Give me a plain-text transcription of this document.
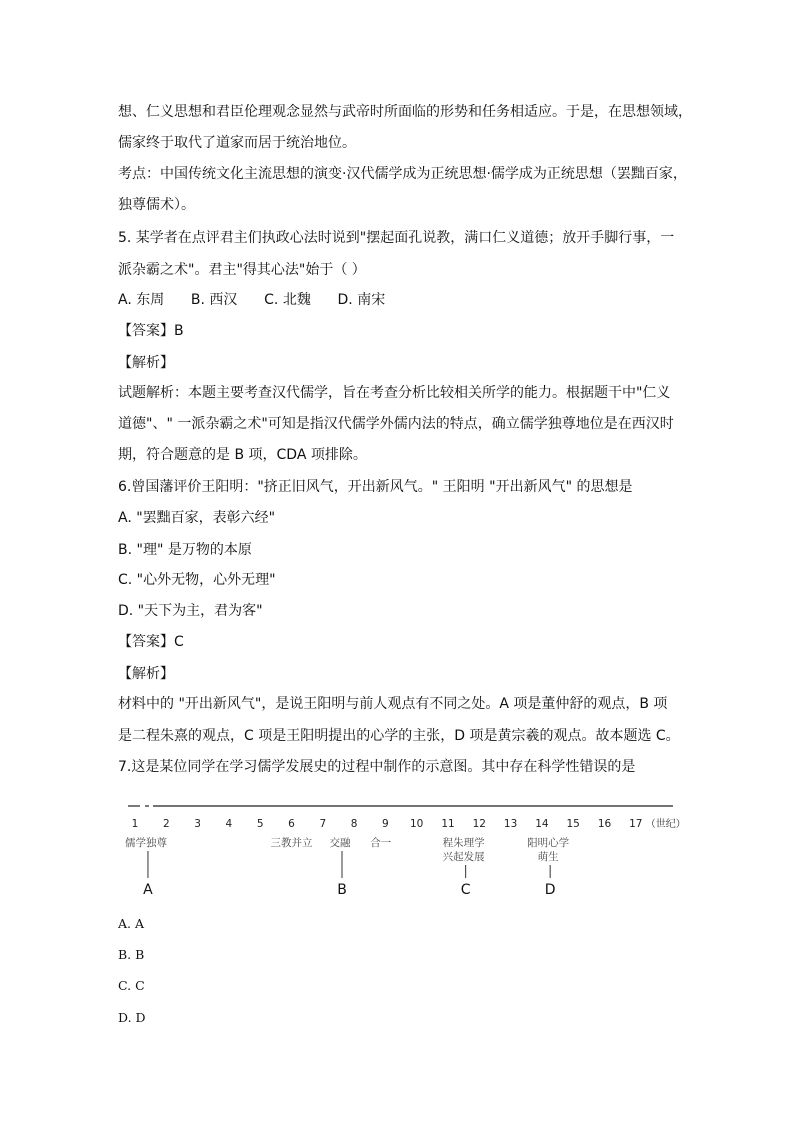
想、仁义思想和君臣伦理观念显然与武帝时所面临的形势和任务相适应。于是，在思想领域，
儒家终于取代了道家而居于统治地位。
考点：中国传统文化主流思想的演变·汉代儒学成为正统思想·儒学成为正统思想（罢黜百家，
独尊儒术）。
5. 某学者在点评君主们执政心法时说到"摆起面孔说教，满口仁义道德；放开手脚行事，一
派杂霸之术"。君主"得其心法"始于（ ）
A. 东周      B. 西汉      C. 北魏      D. 南宋
【答案】B
【解析】
试题解析：本题主要考查汉代儒学，旨在考查分析比较相关所学的能力。根据题干中"仁义
道德"、" 一派杂霸之术"可知是指汉代儒学外儒内法的特点，确立儒学独尊地位是在西汉时
期，符合题意的是 B 项，CDA 项排除。
6.曾国藩评价王阳明："挤正旧风气，开出新风气。" 王阳明 "开出新风气" 的思想是
A. "罢黜百家，表彰六经"
B. "理" 是万物的本原
C. "心外无物，心外无理"
D. "天下为主，君为客"
【答案】C
【解析】
材料中的 "开出新风气"，是说王阳明与前人观点有不同之处。A 项是董仲舒的观点，B 项
是二程朱熹的观点，C 项是王阳明提出的心学的主张，D 项是黄宗羲的观点。故本题选 C。
7.这是某位同学在学习儒学发展史的过程中制作的示意图。其中存在科学性错误的是
1 2 3 4 5 6 7 8 9 10 11 12 13 14 15 16 17 （世纪）
儒学独尊
A
三教并立 交融
B
合一	程朱理学
兴起发展
C
阳明心学
萌生
D
A. A
B. B
C. C
D. D
